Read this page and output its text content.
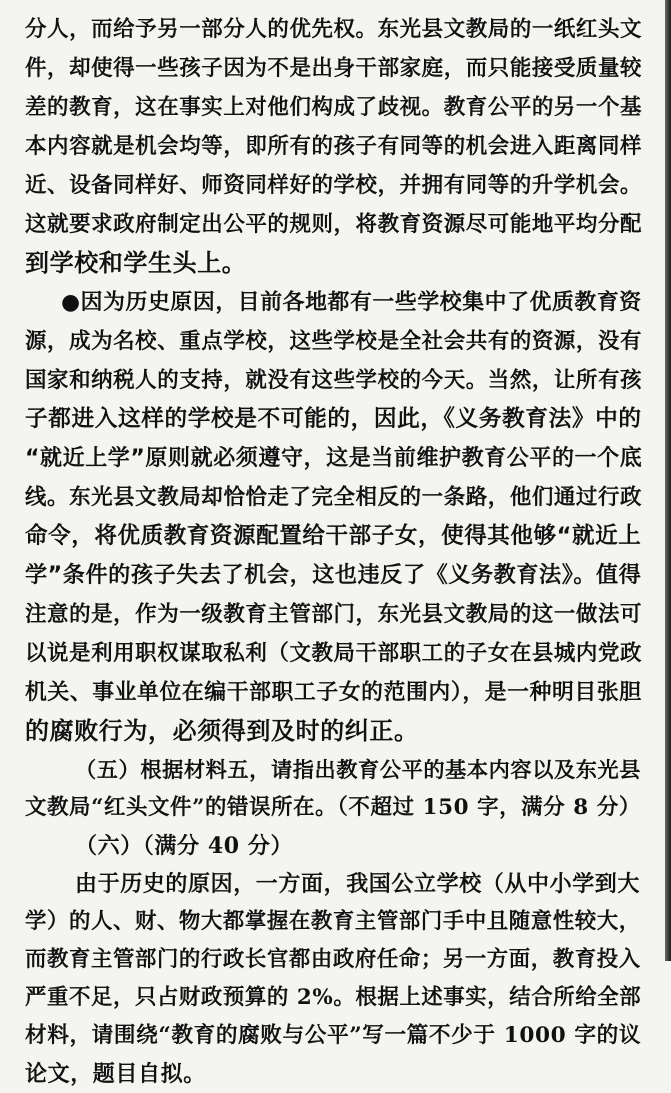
分人，而给予另一部分人的优先权。东光县文教局的一纸红头文
件，却使得一些孩子因为不是出身干部家庭，而只能接受质量较
差的教育，这在事实上对他们构成了歧视。教育公平的另一个基
本内容就是机会均等，即所有的孩子有同等的机会进入距离同样
近、设备同样好、师资同样好的学校，并拥有同等的升学机会。
这就要求政府制定出公平的规则，将教育资源尽可能地平均分配
到学校和学生头上。
●因为历史原因，目前各地都有一些学校集中了优质教育资
源，成为名校、重点学校，这些学校是全社会共有的资源，没有
国家和纳税人的支持，就没有这些学校的今天。当然，让所有孩
子都进入这样的学校是不可能的，因此，《义务教育法》中的
“就近上学”原则就必须遵守，这是当前维护教育公平的一个底
线。东光县文教局却恰恰走了完全相反的一条路，他们通过行政
命令，将优质教育资源配置给干部子女，使得其他够“就近上
学”条件的孩子失去了机会，这也违反了《义务教育法》。值得
注意的是，作为一级教育主管部门，东光县文教局的这一做法可
以说是利用职权谋取私利（文教局干部职工的子女在县城内党政
机关、事业单位在编干部职工子女的范围内），是一种明目张胆
的腐败行为，必须得到及时的纠正。
（五）根据材料五，请指出教育公平的基本内容以及东光县
文教局“红头文件”的错误所在。（不超过 150 字，满分 8 分）
（六）（满分 40 分）
由于历史的原因，一方面，我国公立学校（从中小学到大
学）的人、财、物大都掌握在教育主管部门手中且随意性较大，
而教育主管部门的行政长官都由政府任命；另一方面，教育投入
严重不足，只占财政预算的 2%。根据上述事实，结合所给全部
材料，请围绕“教育的腐败与公平”写一篇不少于 1000 字的议
论文，题目自拟。
